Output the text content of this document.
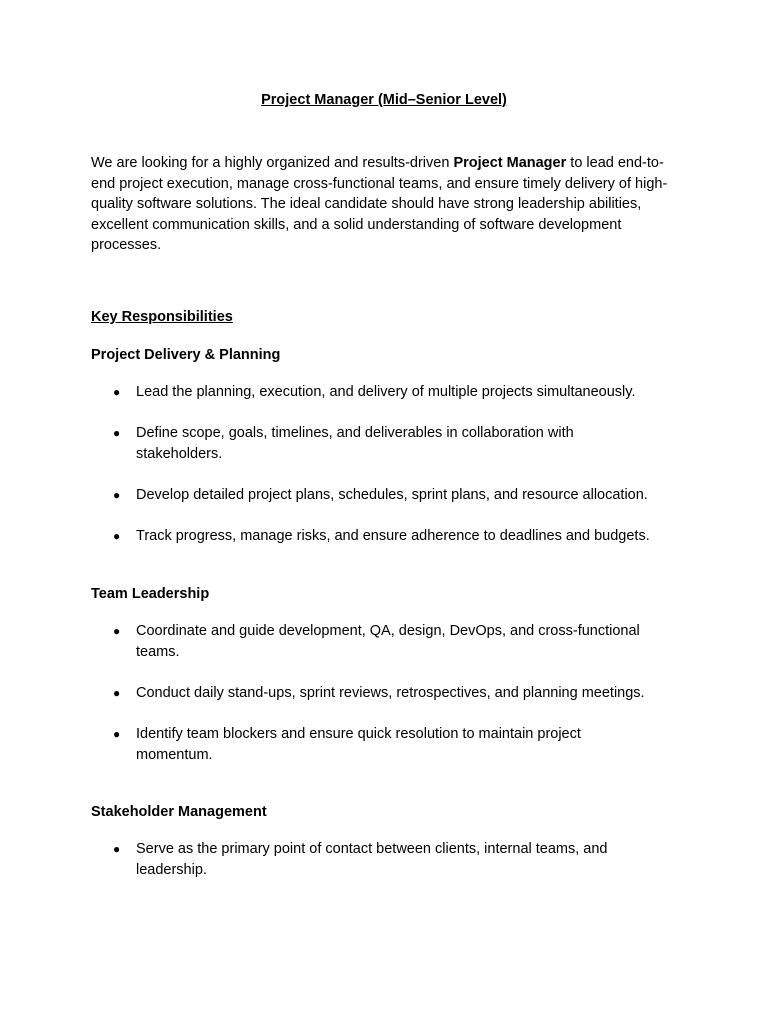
Project Manager (Mid–Senior Level)
We are looking for a highly organized and results-driven Project Manager to lead end-to-end project execution, manage cross-functional teams, and ensure timely delivery of high-quality software solutions. The ideal candidate should have strong leadership abilities, excellent communication skills, and a solid understanding of software development processes.
Key Responsibilities
Project Delivery & Planning
●	Lead the planning, execution, and delivery of multiple projects simultaneously.
●	Define scope, goals, timelines, and deliverables in collaboration with stakeholders.
●	Develop detailed project plans, schedules, sprint plans, and resource allocation.
●	Track progress, manage risks, and ensure adherence to deadlines and budgets.
Team Leadership
●	Coordinate and guide development, QA, design, DevOps, and cross-functional teams.
●	Conduct daily stand-ups, sprint reviews, retrospectives, and planning meetings.
●	Identify team blockers and ensure quick resolution to maintain project momentum.
Stakeholder Management
●	Serve as the primary point of contact between clients, internal teams, and leadership.
